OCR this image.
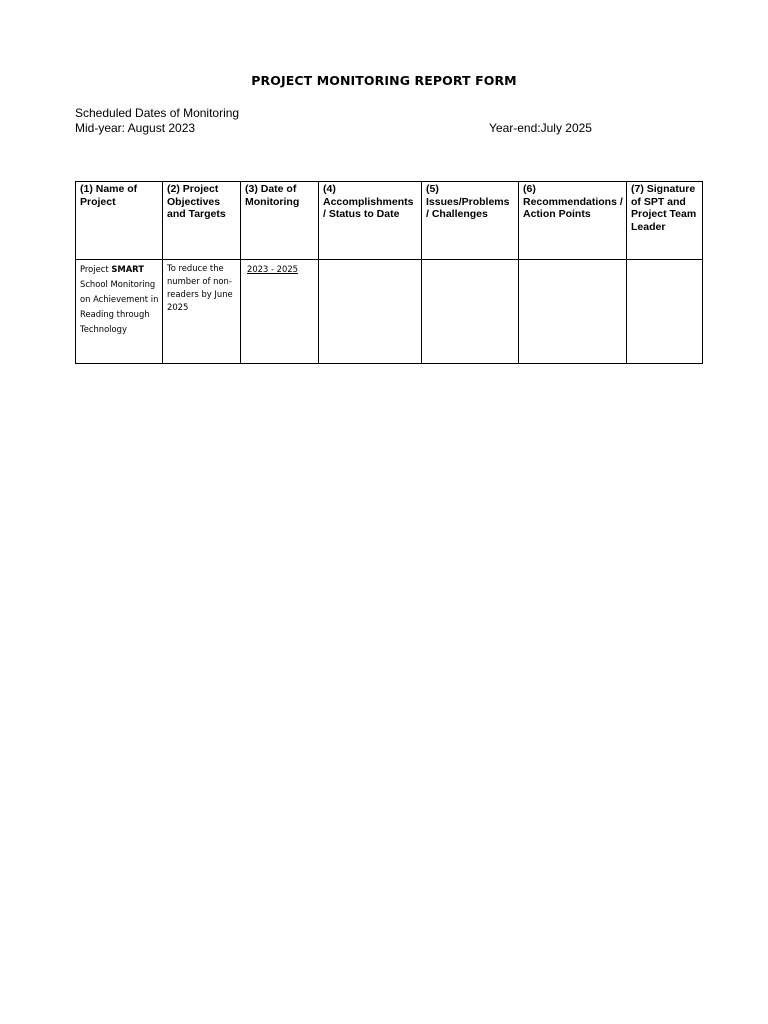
PROJECT MONITORING REPORT FORM
Scheduled Dates of Monitoring
Mid-year: August 2023	Year-end:July 2025
(1) Name of Project	(2) Project Objectives and Targets	(3) Date of Monitoring	(4) Accomplishments / Status to Date	(5) Issues/Problems / Challenges	(6) Recommendations / Action Points	(7) Signature of SPT and Project Team Leader
Project SMART School Monitoring on Achievement in Reading through Technology	To reduce the number of non- readers by June 2025	2023 - 2025				
